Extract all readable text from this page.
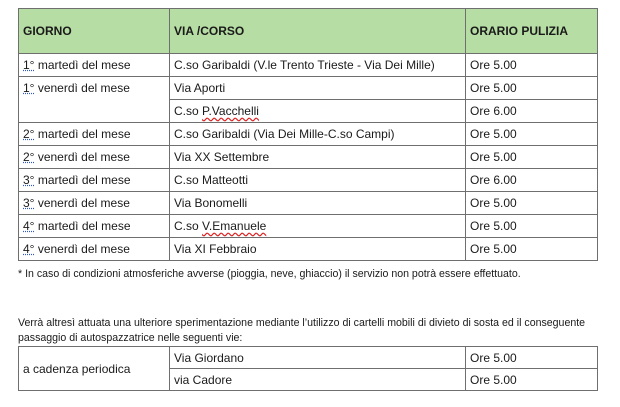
GIORNO	VIA /CORSO	ORARIO PULIZIA
1° martedì del mese	C.so Garibaldi (V.le Trento Trieste - Via Dei Mille)	Ore 5.00
1° venerdì del mese	Via Aporti	Ore 5.00
	C.so P.Vacchelli	Ore 6.00
2° martedì del mese	C.so Garibaldi (Via Dei Mille-C.so Campi)	Ore 5.00
2° venerdì del mese	Via XX Settembre	Ore 5.00
3° martedì del mese	C.so Matteotti	Ore 6.00
3° venerdì del mese	Via Bonomelli	Ore 5.00
4° martedì del mese	C.so V.Emanuele	Ore 5.00
4° venerdì del mese	Via XI Febbraio	Ore 5.00
* In caso di condizioni atmosferiche avverse (pioggia, neve, ghiaccio) il servizio non potrà essere effettuato.
Verrà altresì attuata una ulteriore sperimentazione mediante l’utilizzo di cartelli mobili di divieto di sosta ed il conseguente passaggio di autospazzatrice nelle seguenti vie:
a cadenza periodica	Via Giordano	Ore 5.00
	via Cadore	Ore 5.00
